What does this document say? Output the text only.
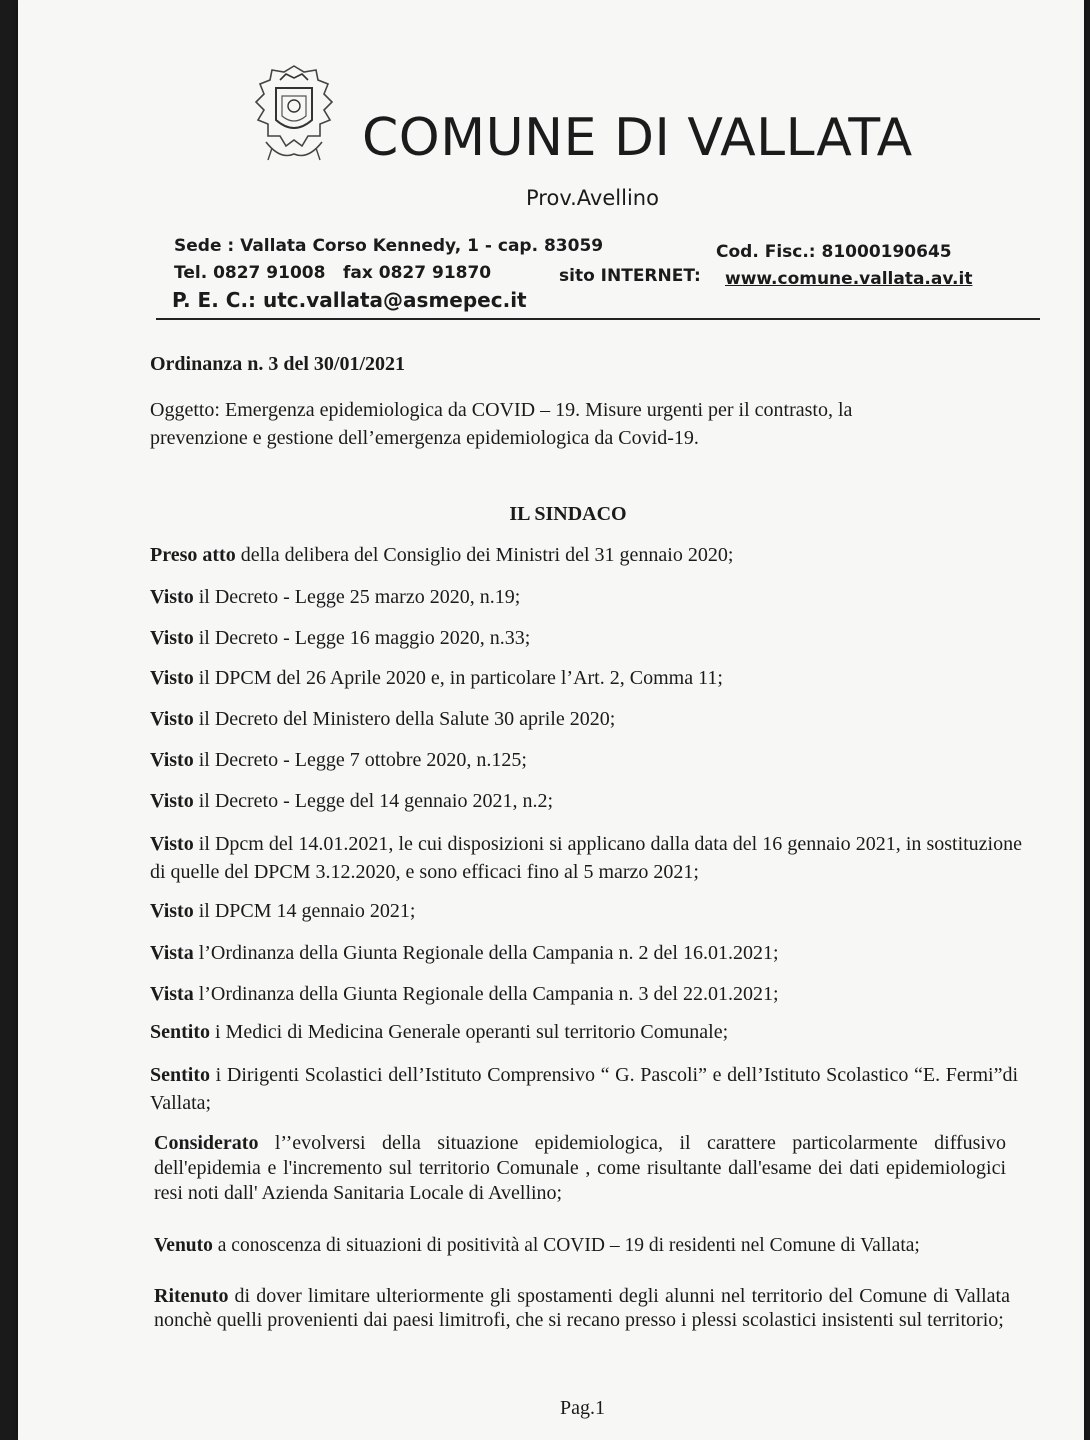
COMUNE DI VALLATA
Prov.Avellino
Sede : Vallata Corso Kennedy, 1 - cap. 83059	Cod. Fisc.: 81000190645
Tel. 0827 91008 fax 0827 91870	sito INTERNET: www.comune.vallata.av.it
P. E. C.: utc.vallata@asmepec.it
Ordinanza n. 3 del 30/01/2021
Oggetto: Emergenza epidemiologica da COVID – 19. Misure urgenti per il contrasto, la
prevenzione e gestione dell’emergenza epidemiologica da Covid-19.
IL SINDACO
Preso atto della delibera del Consiglio dei Ministri del 31 gennaio 2020;
Visto il Decreto - Legge 25 marzo 2020, n.19;
Visto il Decreto - Legge 16 maggio 2020, n.33;
Visto il DPCM del 26 Aprile 2020 e, in particolare l’Art. 2, Comma 11;
Visto il Decreto del Ministero della Salute 30 aprile 2020;
Visto il Decreto - Legge 7 ottobre 2020, n.125;
Visto il Decreto - Legge del 14 gennaio 2021, n.2;
Visto il Dpcm del 14.01.2021, le cui disposizioni si applicano dalla data del 16 gennaio 2021, in sostituzione di quelle del DPCM 3.12.2020, e sono efficaci fino al 5 marzo 2021;
Visto il DPCM 14 gennaio 2021;
Vista l’Ordinanza della Giunta Regionale della Campania n. 2 del 16.01.2021;
Vista l’Ordinanza della Giunta Regionale della Campania n. 3 del 22.01.2021;
Sentito i Medici di Medicina Generale operanti sul territorio Comunale;
Sentito i Dirigenti Scolastici dell’Istituto Comprensivo “ G. Pascoli” e dell’Istituto Scolastico “E. Fermi”di Vallata;
Considerato l’’evolversi della situazione epidemiologica, il carattere particolarmente diffusivo dell'epidemia e l'incremento sul territorio Comunale , come risultante dall'esame dei dati epidemiologici resi noti dall' Azienda Sanitaria Locale di Avellino;
Venuto a conoscenza di situazioni di positività al COVID – 19 di residenti nel Comune di Vallata;
Ritenuto di dover limitare ulteriormente gli spostamenti degli alunni nel territorio del Comune di Vallata nonchè quelli provenienti dai paesi limitrofi, che si recano presso i plessi scolastici insistenti sul territorio;
Pag.1
